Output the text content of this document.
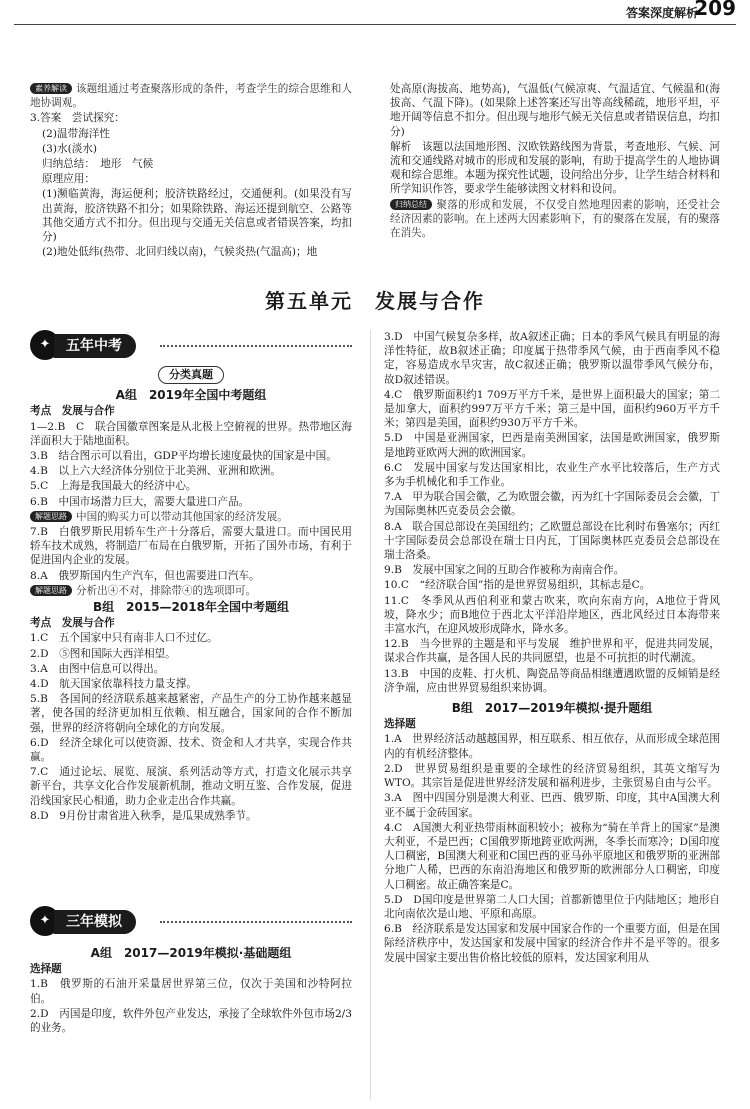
答案深度解析
209

素养解读 该题组通过考查聚落形成的条件，考查学生的综合思维和人地协调观。

3.答案　尝试探究：

(2)温带海洋性

(3)水(淡水)

归纳总结：　地形　气候

原理应用：

(1)濒临黄海，海运便利；胶济铁路经过，交通便利。(如果没有写出黄海，胶济铁路不扣分；如果除铁路、海运还提到航空、公路等其他交通方式不扣分。但出现与交通无关信息或者错误答案，均扣分)

(2)地处低纬(热带、北回归线以南)，气候炎热(气温高)；地

处高原(海拔高、地势高)，气温低(气候凉爽、气温适宜、气候温和(海拔高、气温下降)。(如果除上述答案还写出等高线稀疏，地形平坦，平地开阔等信息不扣分。但出现与地形气候无关信息或者错误信息，均扣分)

解析　该题以法国地形图、汉欧铁路线图为背景，考查地形、气候、河流和交通线路对城市的形成和发展的影响，有助于提高学生的人地协调观和综合思维。本题为探究性试题，设问给出分步，让学生结合材料和所学知识作答，要求学生能够读图文材料和设问。

归纳总结 聚落的形成和发展，不仅受自然地理因素的影响，还受社会经济因素的影响。在上述两大因素影响下，有的聚落在发展，有的聚落在消失。

第五单元　发展与合作
✦	五年中考
分类真题
A组　2019年全国中考题组

考点　发展与合作

1—2.B　C　联合国徽章图案是从北极上空俯视的世界。热带地区海洋面积大于陆地面积。

3.B　结合图示可以看出，GDP平均增长速度最快的国家是中国。

4.B　以上六大经济体分别位于北美洲、亚洲和欧洲。

5.C　上海是我国最大的经济中心。

6.B　中国市场潜力巨大，需要大量进口产品。

解题思路 中国的购买力可以带动其他国家的经济发展。

7.B　白俄罗斯民用轿车生产十分落后，需要大量进口。而中国民用轿车技术成熟，将制造厂布局在白俄罗斯，开拓了国外市场，有利于促进国内企业的发展。

8.A　俄罗斯国内生产汽车，但也需要进口汽车。

解题思路 分析出④不对，排除带④的选项即可。

B组　2015—2018年全国中考题组

考点　发展与合作

1.C　五个国家中只有南非人口不过亿。

2.D　⑤图和国际大西洋相望。

3.A　由图中信息可以得出。

4.D　航天国家依靠科技力量支撑。

5.B　各国间的经济联系越来越紧密，产品生产的分工协作越来越显著，使各国的经济更加相互依赖、相互融合，国家间的合作不断加强，世界的经济将朝向全球化的方向发展。

6.D　经济全球化可以使资源、技术、资金和人才共享，实现合作共赢。

7.C　通过论坛、展览、展演、系列活动等方式，打造文化展示共享新平台，共享文化合作发展新机制，推动文明互鉴、合作发展，促进沿线国家民心相通，助力企业走出合作共赢。

8.D　9月份甘肃省进入秋季，是瓜果成熟季节。

✦	三年模拟
A组　2017—2019年模拟·基础题组

选择题

1.B　俄罗斯的石油开采量居世界第三位，仅次于美国和沙特阿拉伯。

2.D　丙国是印度，软件外包产业发达，承接了全球软件外包市场2/3的业务。

3.D　中国气候复杂多样，故A叙述正确；日本的季风气候具有明显的海洋性特征，故B叙述正确；印度属于热带季风气候，由于西南季风不稳定，容易造成水旱灾害，故C叙述正确；俄罗斯以温带季风气候分布，故D叙述错误。

4.C　俄罗斯面积约1 709万平方千米，是世界上面积最大的国家；第二是加拿大，面积约997万平方千米；第三是中国，面积约960万平方千米；第四是美国，面积约930万平方千米。

5.D　中国是亚洲国家，巴西是南美洲国家，法国是欧洲国家，俄罗斯是地跨亚欧两大洲的欧洲国家。

6.C　发展中国家与发达国家相比，农业生产水平比较落后，生产方式多为手机械化和手工作业。

7.A　甲为联合国会徽，乙为欧盟会徽，丙为红十字国际委员会会徽，丁为国际奥林匹克委员会会徽。

8.A　联合国总部设在美国纽约；乙欧盟总部设在比利时布鲁塞尔；丙红十字国际委员会总部设在瑞士日内瓦，丁国际奥林匹克委员会总部设在瑞士洛桑。

9.B　发展中国家之间的互助合作被称为南南合作。

10.C　“经济联合国”指的是世界贸易组织，其标志是C。

11.C　冬季风从西伯利亚和蒙古吹来，吹向东南方向，A地位于背风坡，降水少；而B地位于西北太平洋沿岸地区，西北风经过日本海带来丰富水汽，在迎风坡形成降水，降水多。

12.B　当今世界的主题是和平与发展　维护世界和平，促进共同发展，谋求合作共赢，是各国人民的共同愿望，也是不可抗拒的时代潮流。

13.B　中国的皮鞋、打火机、陶瓷品等商品相继遭遇欧盟的反倾销是经济争端，应由世界贸易组织来协调。

B组　2017—2019年模拟·提升题组

选择题

1.A　世界经济活动越越国界，相互联系、相互依存，从而形成全球范围内的有机经济整体。

2.D　世界贸易组织是重要的全球性的经济贸易组织，其英文缩写为WTO。其宗旨是促进世界经济发展和福利进步，主张贸易自由与公平。

3.A　图中四国分别是澳大利亚、巴西、俄罗斯、印度，其中A国澳大利亚不属于金砖国家。

4.C　A国澳大利亚热带雨林面积较小；被称为“骑在羊背上的国家”是澳大利亚，不是巴西；C国俄罗斯地跨亚欧两洲，冬季长而寒冷；D国印度人口稠密，B国澳大利亚和C国巴西的亚马孙平原地区和俄罗斯的亚洲部分地广人稀，巴西的东南沿海地区和俄罗斯的欧洲部分人口稠密，印度人口稠密。故正确答案是C。

5.D　D国印度是世界第二人口大国；首都新德里位于内陆地区；地形自北向南依次是山地、平原和高原。

6.B　经济联系是发达国家和发展中国家合作的一个重要方面，但是在国际经济秩序中，发达国家和发展中国家的经济合作并不是平等的。很多发展中国家主要出售价格比较低的原料，发达国家利用从
